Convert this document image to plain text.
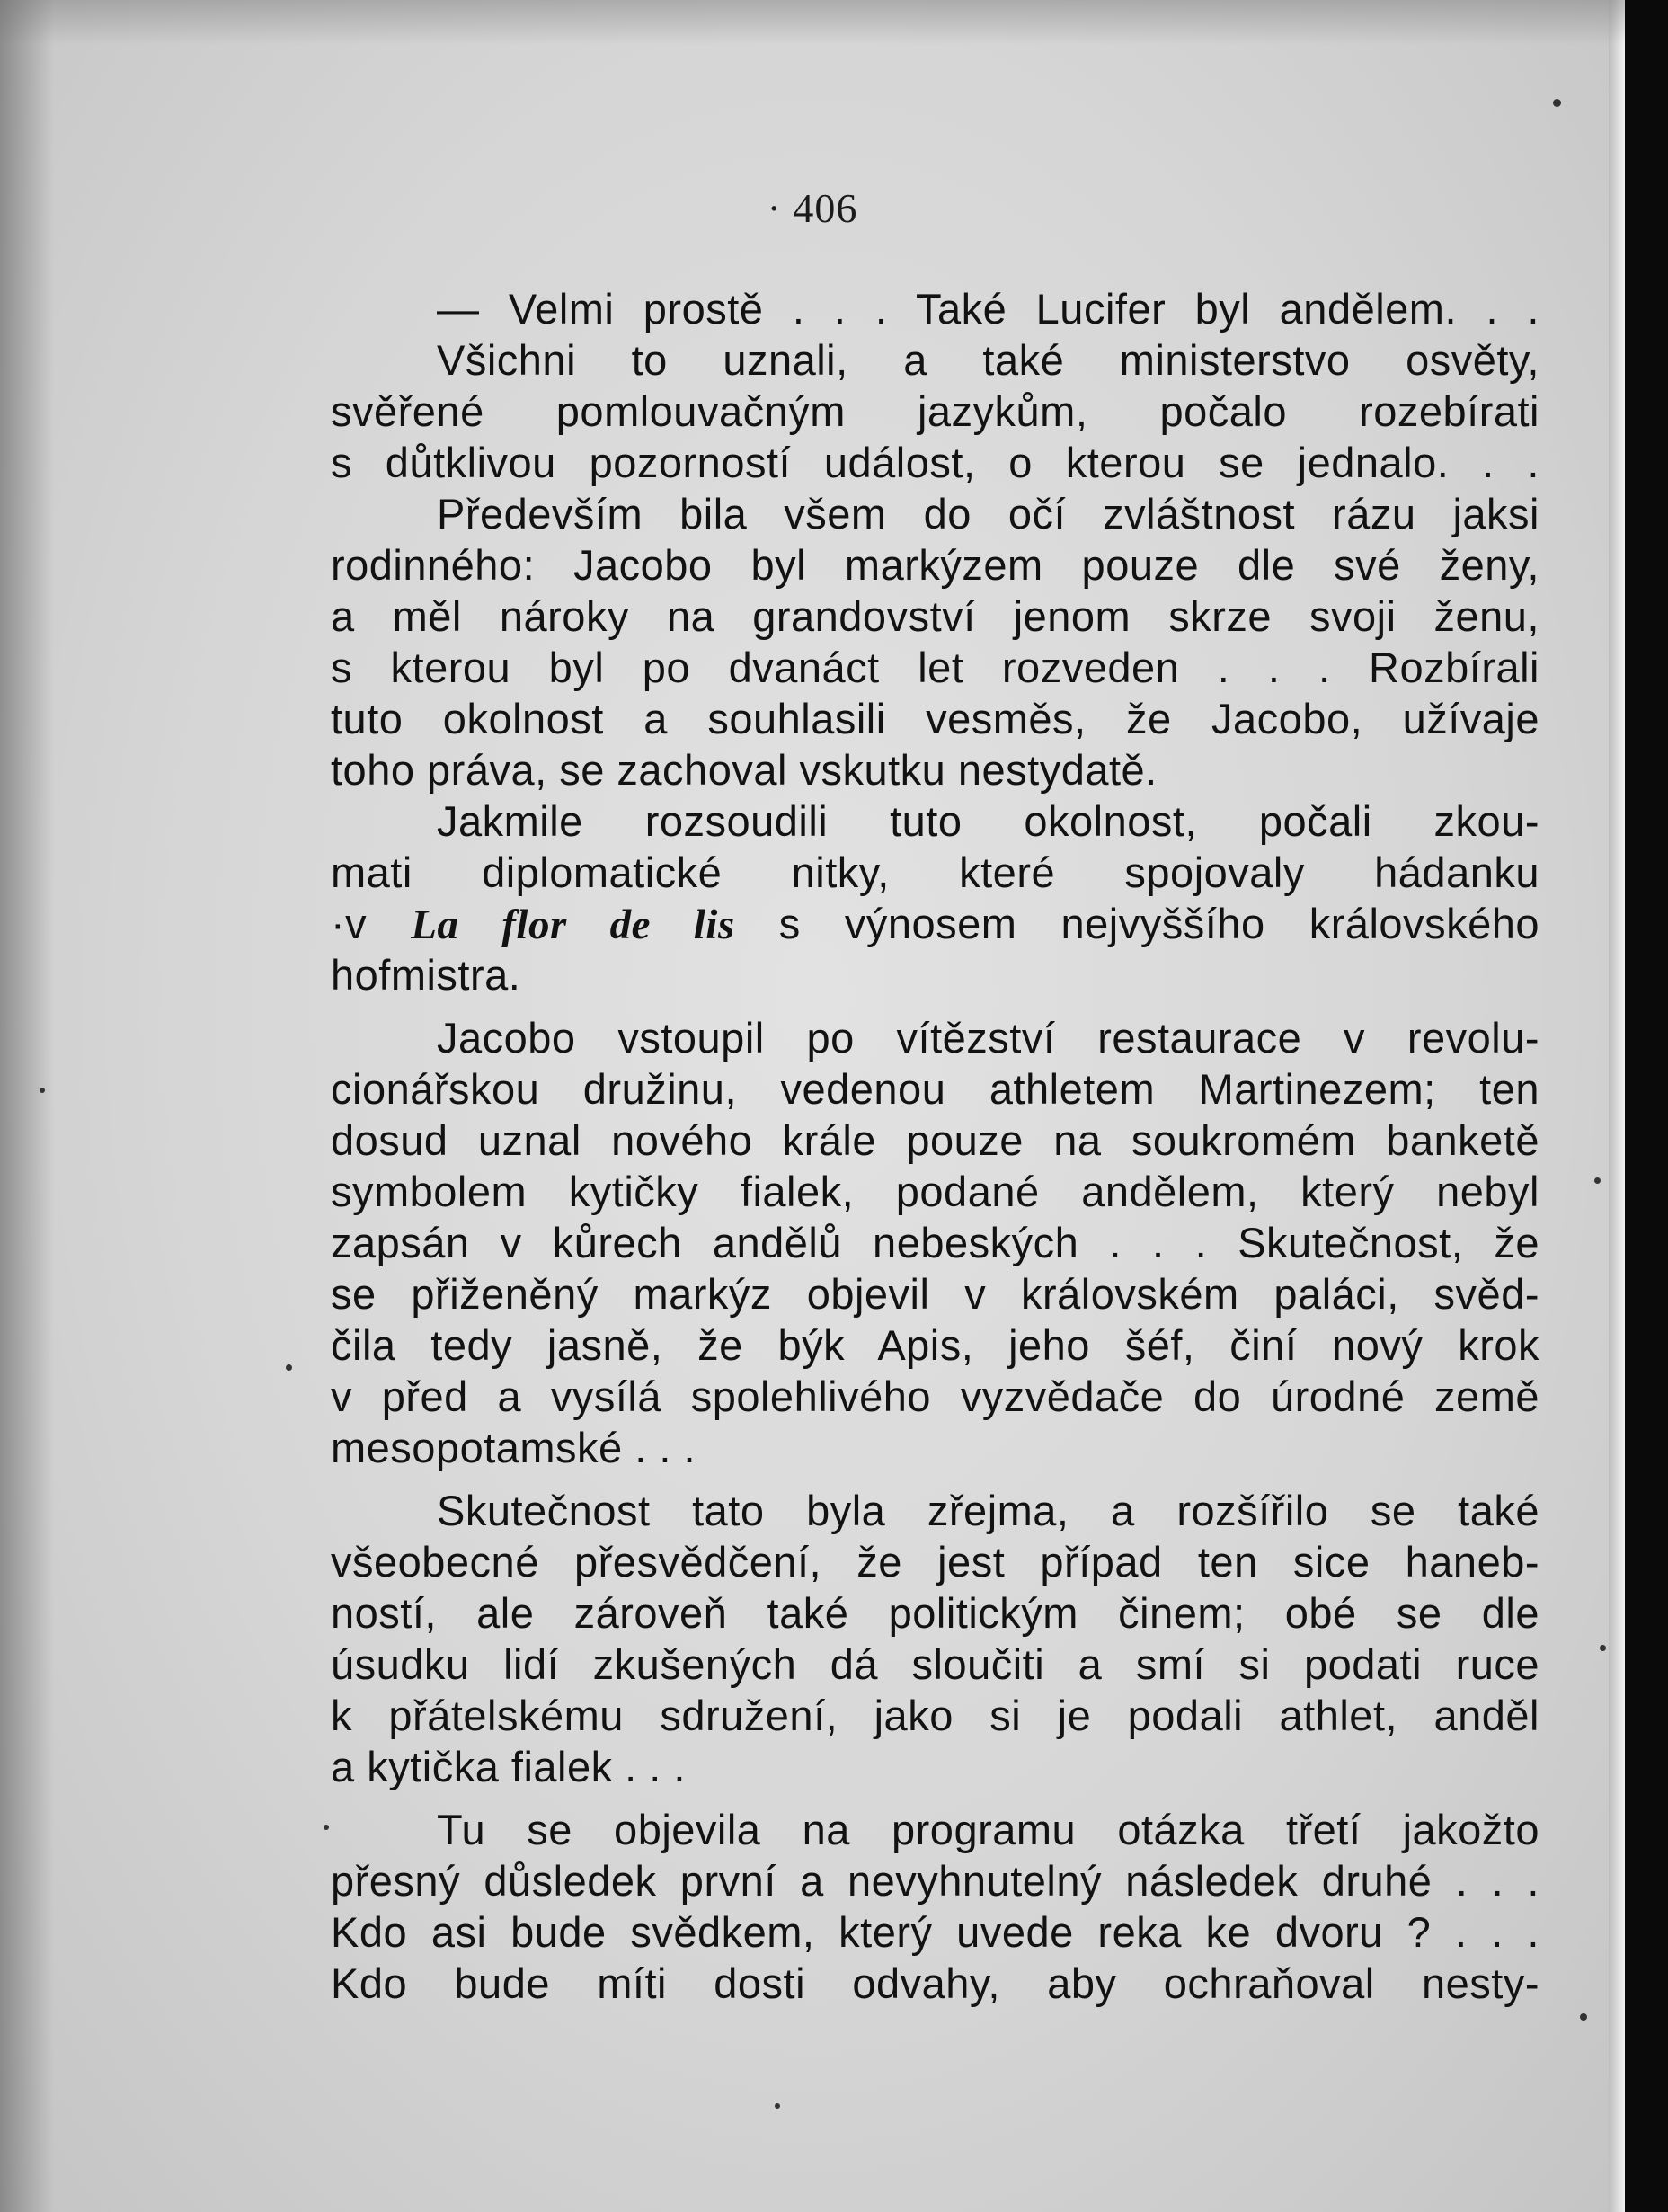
· 406
— Velmi prostě . . . Také Lucifer byl andělem. . .
Všichni to uznali, a také ministerstvo osvěty,
svěřené pomlouvačným jazykům, počalo rozebírati
s důtklivou pozorností událost, o kterou se jednalo. . .
Především bila všem do očí zvláštnost rázu jaksi
rodinného: Jacobo byl markýzem pouze dle své ženy,
a měl nároky na grandovství jenom skrze svoji ženu,
s kterou byl po dvanáct let rozveden . . . Rozbírali
tuto okolnost a souhlasili vesměs, že Jacobo, užívaje
toho práva, se zachoval vskutku nestydatě.
Jakmile rozsoudili tuto okolnost, počali zkou-
mati diplomatické nitky, které spojovaly hádanku
·v La flor de lis s výnosem nejvyššího královského
hofmistra.
Jacobo vstoupil po vítězství restaurace v revolu-
cionářskou družinu, vedenou athletem Martinezem; ten
dosud uznal nového krále pouze na soukromém banketě
symbolem kytičky fialek, podané andělem, který nebyl
zapsán v kůrech andělů nebeských . . . Skutečnost, že
se přiženěný markýz objevil v královském paláci, svěd-
čila tedy jasně, že býk Apis, jeho šéf, činí nový krok
v před a vysílá spolehlivého vyzvědače do úrodné země
mesopotamské . . .
Skutečnost tato byla zřejma, a rozšířilo se také
všeobecné přesvědčení, že jest případ ten sice haneb-
ností, ale zároveň také politickým činem; obé se dle
úsudku lidí zkušených dá sloučiti a smí si podati ruce
k přátelskému sdružení, jako si je podali athlet, anděl
a kytička fialek . . .
Tu se objevila na programu otázka třetí jakožto
přesný důsledek první a nevyhnutelný následek druhé . . .
Kdo asi bude svědkem, který uvede reka ke dvoru ? . . .
Kdo bude míti dosti odvahy, aby ochraňoval nesty-
